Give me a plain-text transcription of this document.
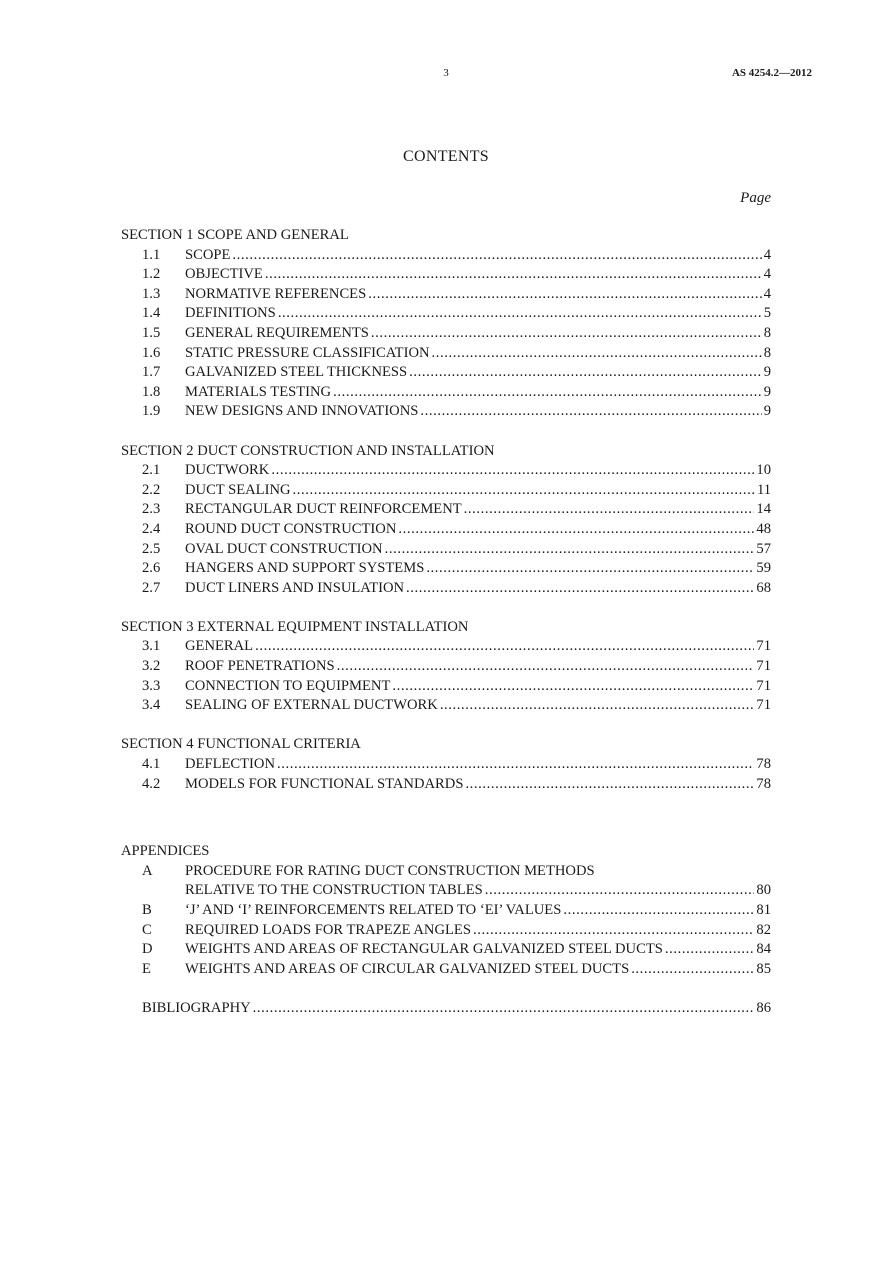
3	AS 4254.2—2012
CONTENTS
Page
SECTION 1 SCOPE AND GENERAL
1.1	SCOPE .....	4
1.2	OBJECTIVE .....	4
1.3	NORMATIVE REFERENCES .....	4
1.4	DEFINITIONS .....	5
1.5	GENERAL REQUIREMENTS .....	8
1.6	STATIC PRESSURE CLASSIFICATION .....	8
1.7	GALVANIZED STEEL THICKNESS .....	9
1.8	MATERIALS TESTING .....	9
1.9	NEW DESIGNS AND INNOVATIONS .....	9
SECTION 2 DUCT CONSTRUCTION AND INSTALLATION
2.1	DUCTWORK .....	10
2.2	DUCT SEALING .....	11
2.3	RECTANGULAR DUCT REINFORCEMENT .....	14
2.4	ROUND DUCT CONSTRUCTION .....	48
2.5	OVAL DUCT CONSTRUCTION .....	57
2.6	HANGERS AND SUPPORT SYSTEMS .....	59
2.7	DUCT LINERS AND INSULATION .....	68
SECTION 3 EXTERNAL EQUIPMENT INSTALLATION
3.1	GENERAL .....	71
3.2	ROOF PENETRATIONS .....	71
3.3	CONNECTION TO EQUIPMENT .....	71
3.4	SEALING OF EXTERNAL DUCTWORK .....	71
SECTION 4 FUNCTIONAL CRITERIA
4.1	DEFLECTION .....	78
4.2	MODELS FOR FUNCTIONAL STANDARDS .....	78
APPENDICES
A	PROCEDURE FOR RATING DUCT CONSTRUCTION METHODS
RELATIVE TO THE CONSTRUCTION TABLES .....	80
B	‘J’ AND ‘I’ REINFORCEMENTS RELATED TO ‘EI’ VALUES .....	81
C	REQUIRED LOADS FOR TRAPEZE ANGLES .....	82
D	WEIGHTS AND AREAS OF RECTANGULAR GALVANIZED STEEL DUCTS .....	84
E	WEIGHTS AND AREAS OF CIRCULAR GALVANIZED STEEL DUCTS .....	85
BIBLIOGRAPHY .....	86
